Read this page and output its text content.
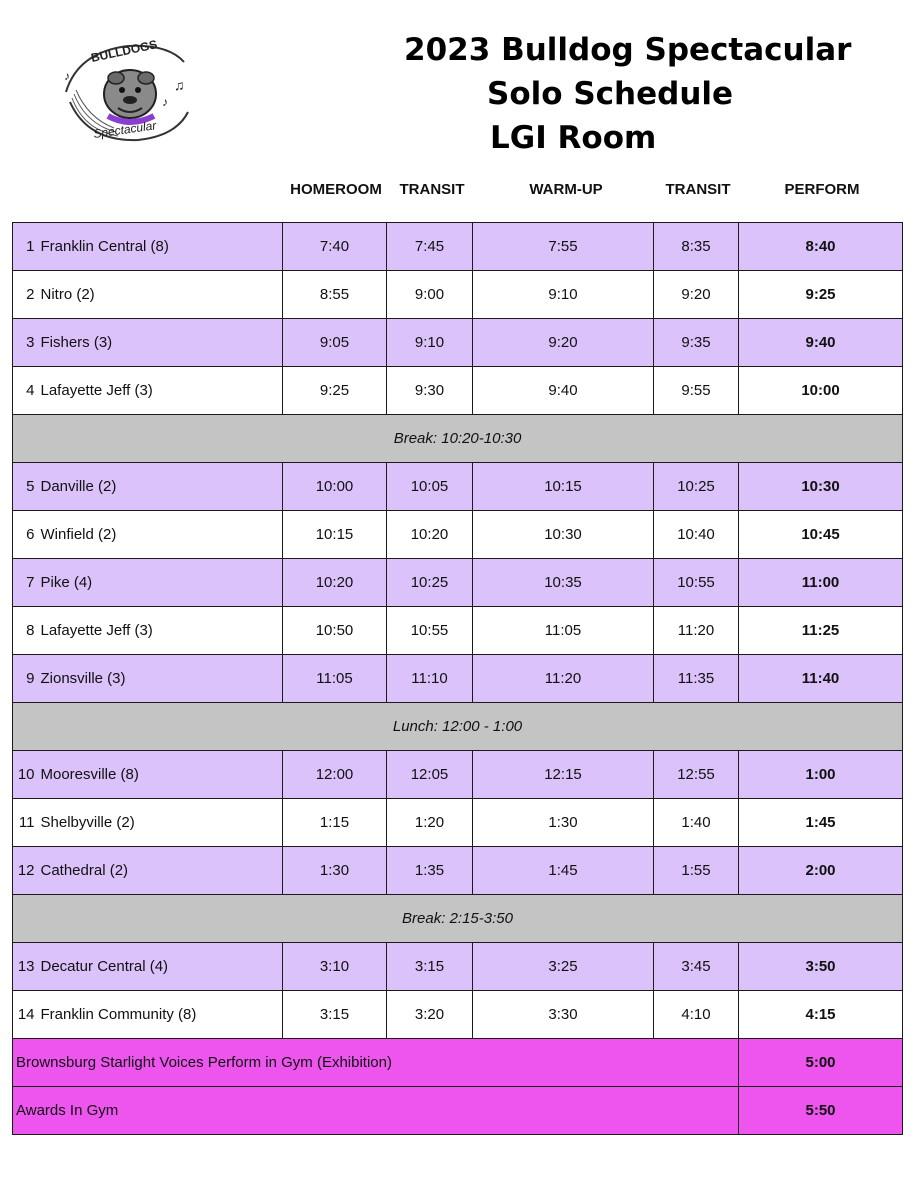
♫
♪
♪
BULLDOGS
Spectacular
2023 Bulldog Spectacular
Solo Schedule
LGI Room
HOMEROOM TRANSIT	WARM-UP	TRANSIT	PERFORM
1	Franklin Central (8)	7:40	7:45	7:55	8:35	8:40
2	Nitro (2)	8:55	9:00	9:10	9:20	9:25
3	Fishers (3)	9:05	9:10	9:20	9:35	9:40
4	Lafayette Jeff (3)	9:25	9:30	9:40	9:55	10:00
Break: 10:20-10:30						
5	Danville (2)	10:00	10:05	10:15	10:25	10:30
6	Winfield (2)	10:15	10:20	10:30	10:40	10:45
7	Pike (4)	10:20	10:25	10:35	10:55	11:00
8	Lafayette Jeff (3)	10:50	10:55	11:05	11:20	11:25
9	Zionsville (3)	11:05	11:10	11:20	11:35	11:40
Lunch: 12:00 - 1:00						
10	Mooresville (8)	12:00	12:05	12:15	12:55	1:00
11	Shelbyville (2)	1:15	1:20	1:30	1:40	1:45
12	Cathedral (2)	1:30	1:35	1:45	1:55	2:00
Break: 2:15-3:50						
13	Decatur Central (4)	3:10	3:15	3:25	3:45	3:50
14	Franklin Community (8)	3:15	3:20	3:30	4:10	4:15
Brownsburg Starlight Voices Perform in Gym (Exhibition)						5:00
Awards In Gym						5:50
